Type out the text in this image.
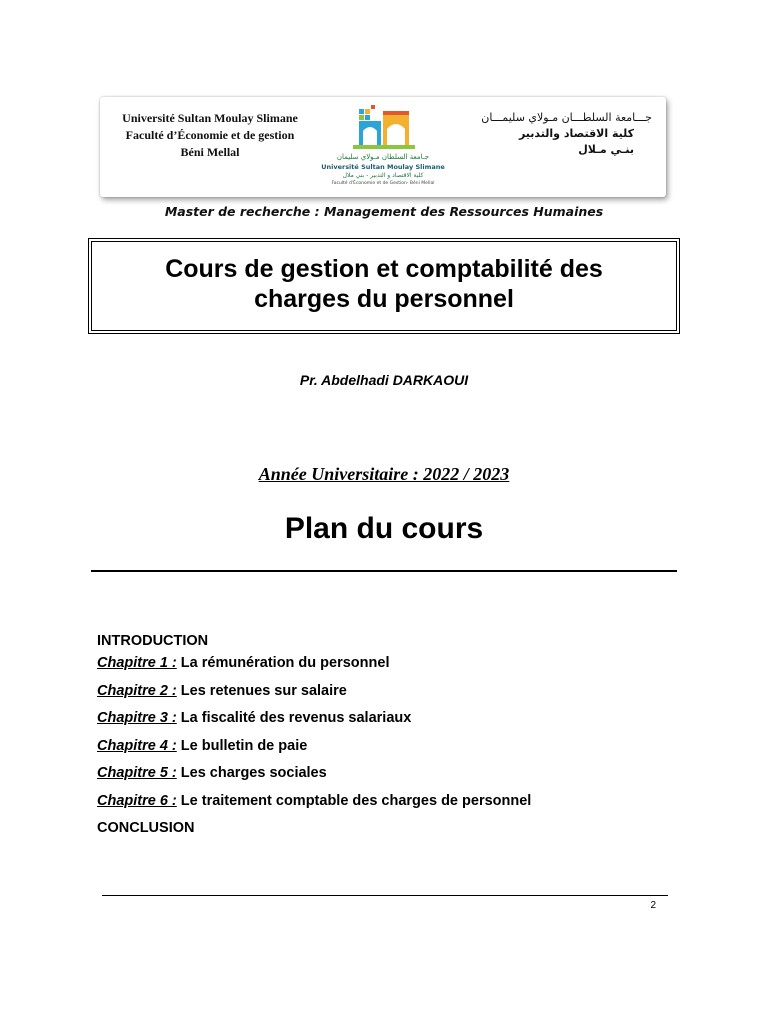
Université Sultan Moulay Slimane
Faculté d’Économie et de gestion
Béni Mellal	جـامعة السلطان مـولاي سليمان
Université Sultan Moulay Slimane
كلية الاقتصاد و التدبير - بني ملال
Faculté d'Économie et de Gestion- Béni Mellal
جـــامعة السلطـــان مـولاي سليمـــان
كلية الاقتصاد والتدبير
بنـي مـلال
Master de recherche : Management des Ressources Humaines
Cours de gestion et comptabilité des
charges du personnel
Pr. Abdelhadi DARKAOUI
Année Universitaire : 2022 / 2023
Plan du cours
INTRODUCTION
Chapitre 1 : La rémunération du personnel
Chapitre 2 : Les retenues sur salaire
Chapitre 3 : La fiscalité des revenus salariaux
Chapitre 4 : Le bulletin de paie
Chapitre 5 : Les charges sociales
Chapitre 6 : Le traitement comptable des charges de personnel
CONCLUSION
2
